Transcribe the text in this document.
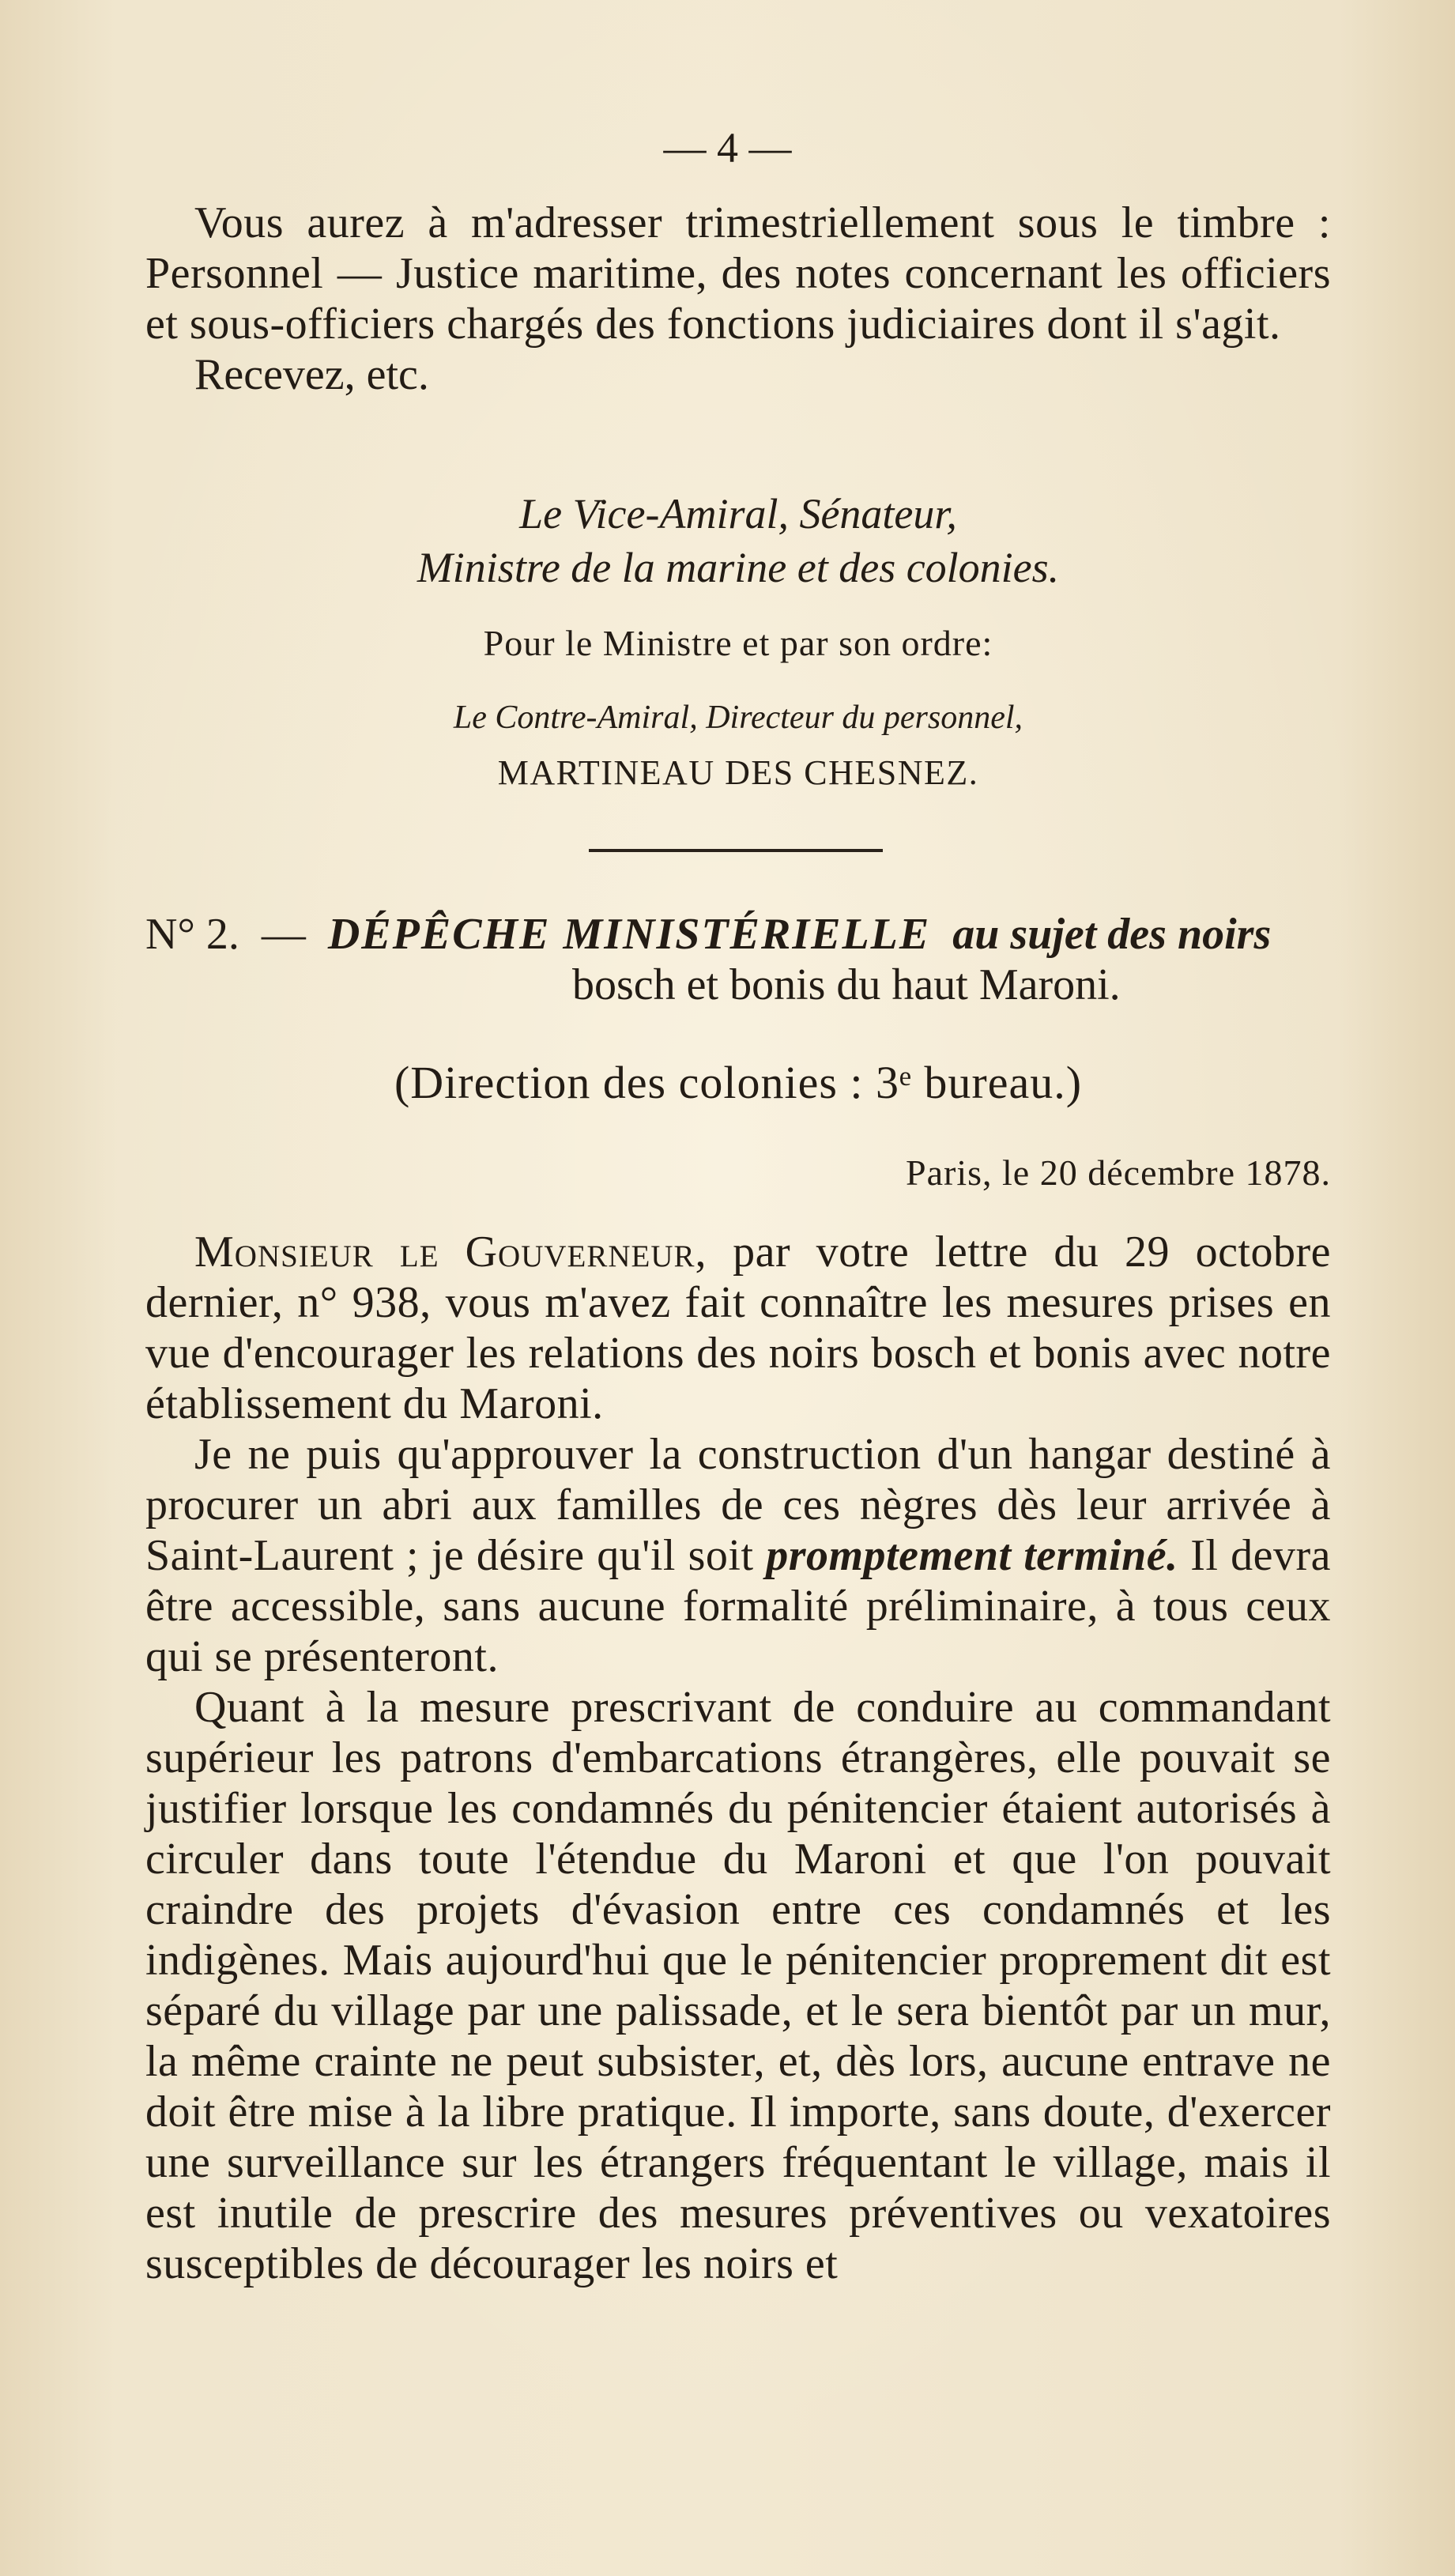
— 4 —

Vous aurez à m'adresser trimestriellement sous le timbre : Personnel — Justice maritime, des notes concernant les officiers et sous-officiers chargés des fonctions judiciaires dont il s'agit.

Recevez, etc.

Le Vice-Amiral, Sénateur,
Ministre de la marine et des colonies.
Pour le Ministre et par son ordre:
Le Contre-Amiral, Directeur du personnel,
MARTINEAU DES CHESNEZ.
N° 2. — DÉPÊCHE MINISTÉRIELLE au sujet des noirs
bosch et bonis du haut Maroni.
(Direction des colonies : 3ᵉ bureau.)
Paris, le 20 décembre 1878.

Monsieur le Gouverneur, par votre lettre du 29 octobre dernier, n° 938, vous m'avez fait connaître les mesures prises en vue d'encourager les relations des noirs bosch et bonis avec notre établissement du Maroni.

Je ne puis qu'approuver la construction d'un hangar destiné à procurer un abri aux familles de ces nègres dès leur arrivée à Saint-Laurent ; je désire qu'il soit promptement terminé. Il devra être accessible, sans aucune formalité préliminaire, à tous ceux qui se présenteront.

Quant à la mesure prescrivant de conduire au commandant supérieur les patrons d'embarcations étrangères, elle pouvait se justifier lorsque les condamnés du pénitencier étaient autorisés à circuler dans toute l'étendue du Maroni et que l'on pouvait craindre des projets d'évasion entre ces condamnés et les indigènes. Mais aujourd'hui que le pénitencier proprement dit est séparé du village par une palissade, et le sera bientôt par un mur, la même crainte ne peut subsister, et, dès lors, aucune entrave ne doit être mise à la libre pratique. Il importe, sans doute, d'exercer une surveillance sur les étrangers fréquentant le village, mais il est inutile de prescrire des mesures préventives ou vexatoires susceptibles de décourager les noirs et
